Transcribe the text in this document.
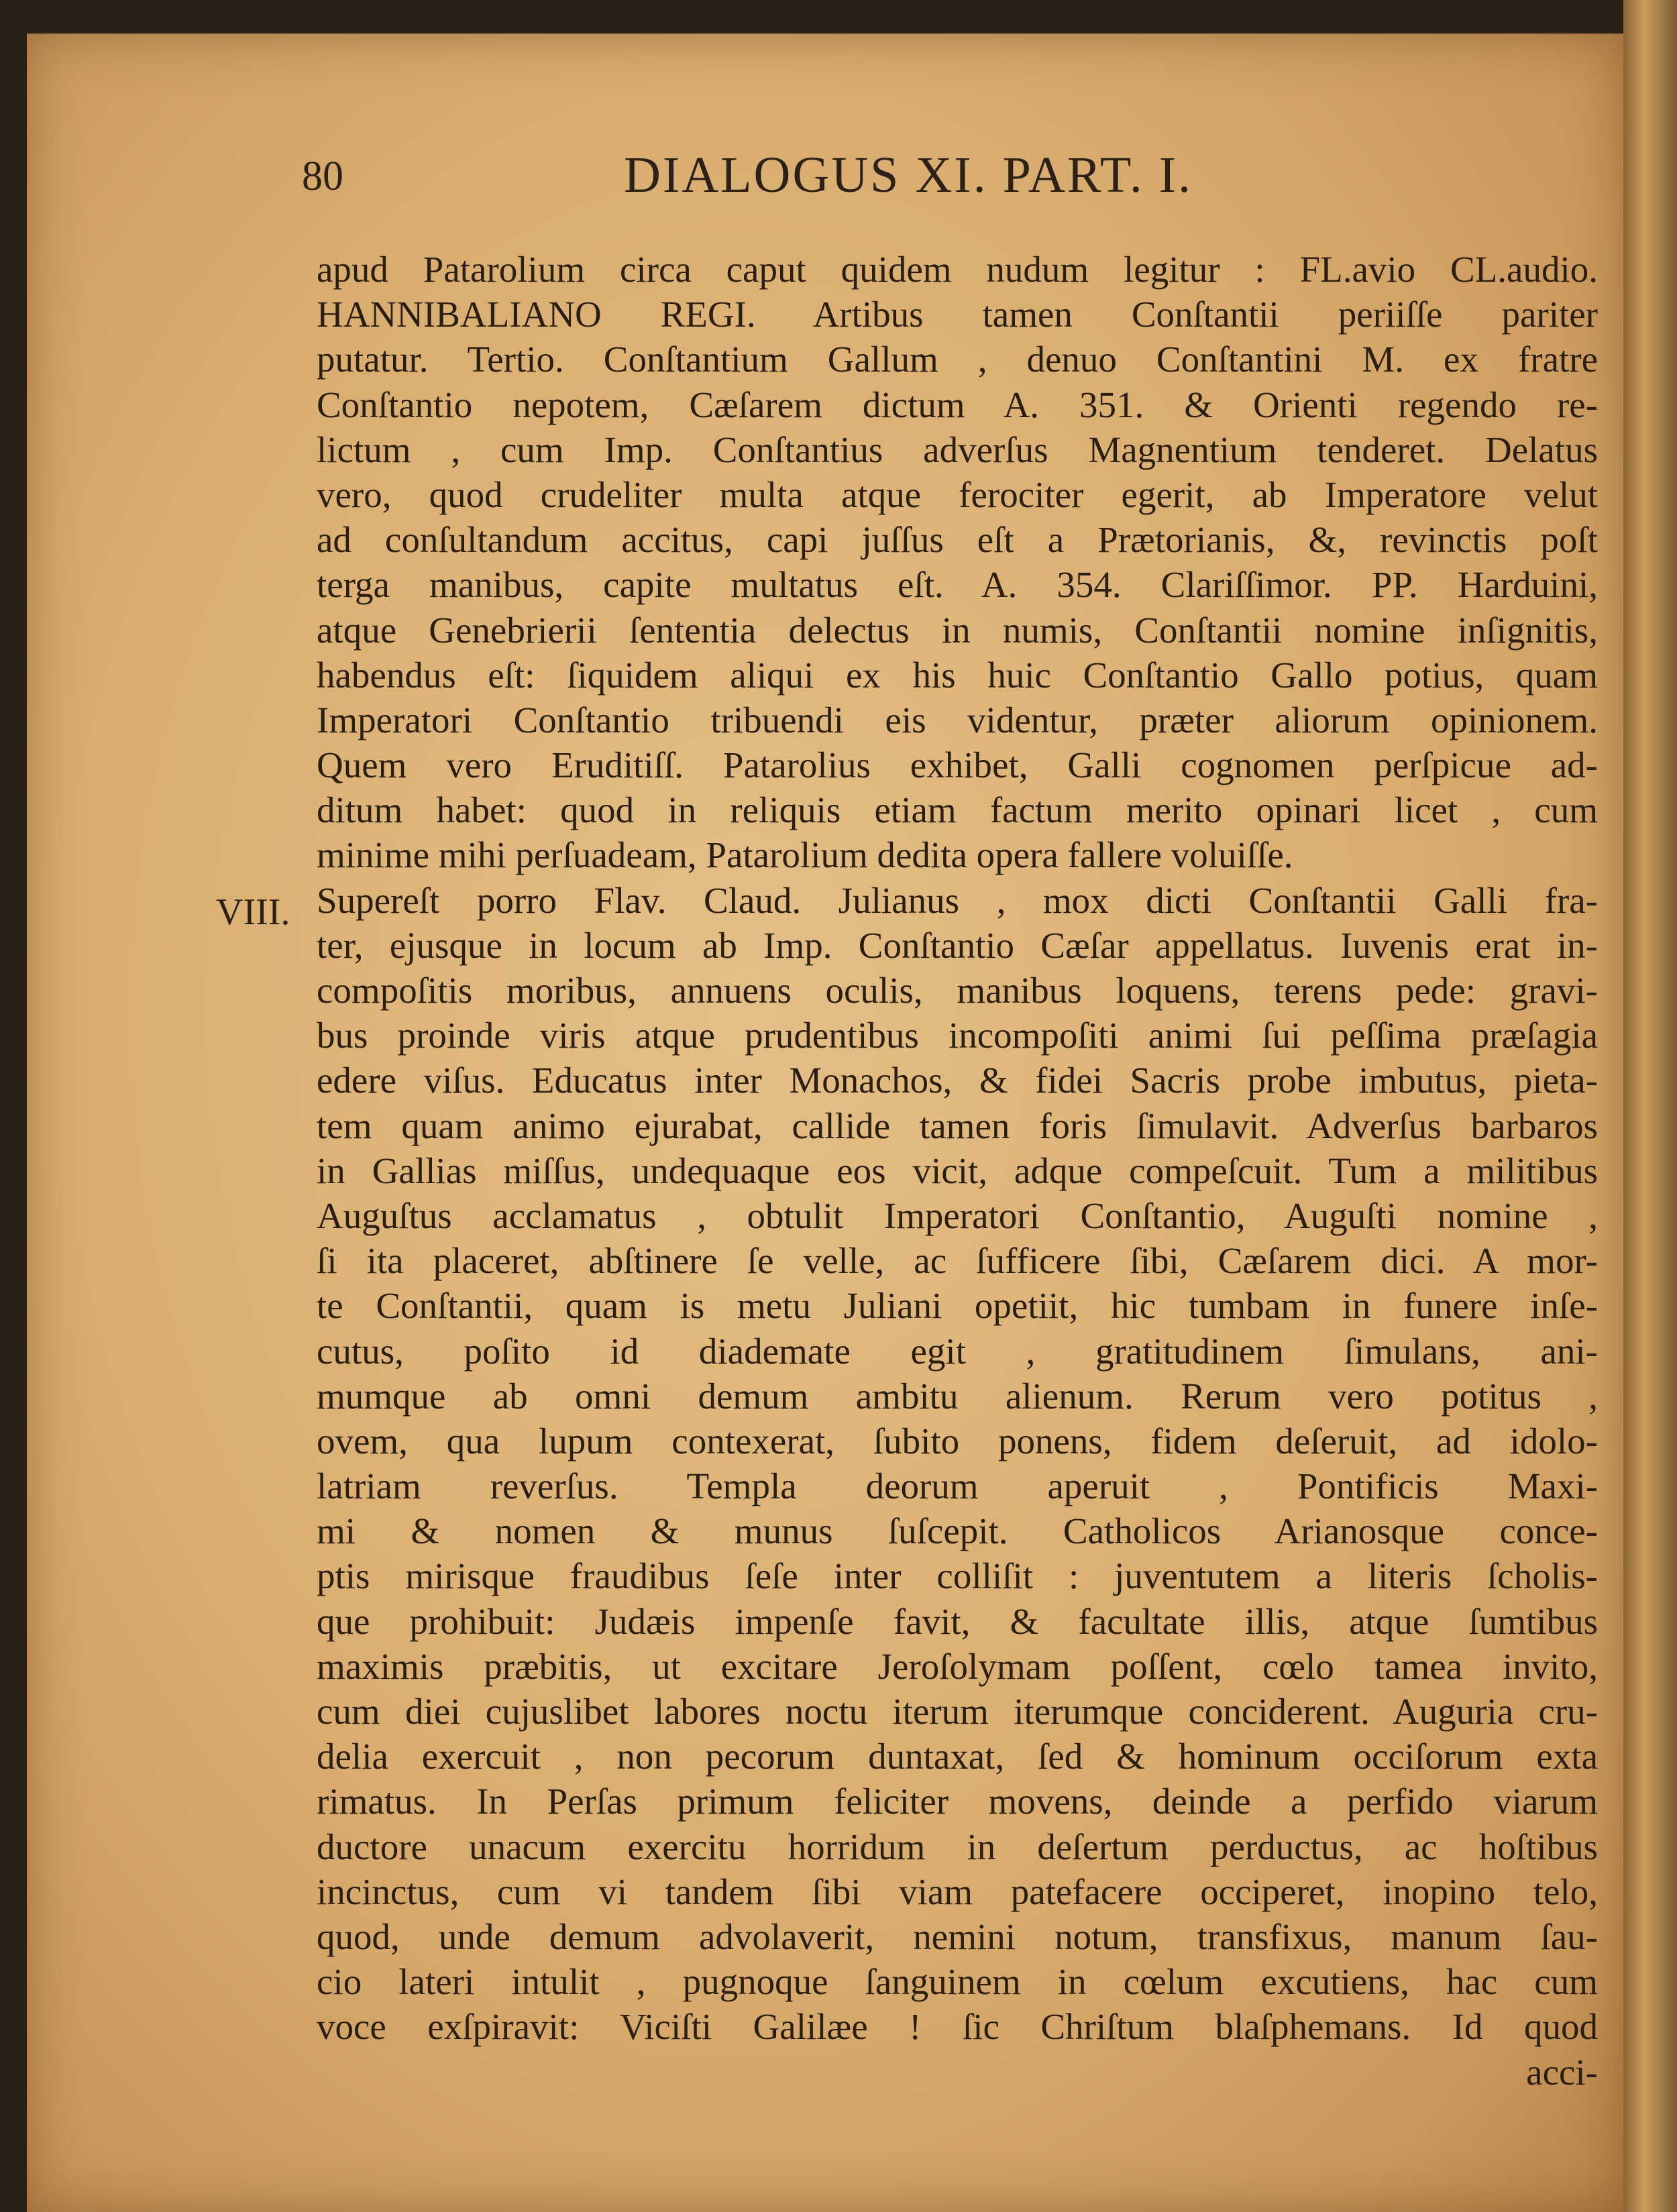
80	DIALOGUS XI. PART. I.
VIII.
apud Patarolium circa caput quidem nudum legitur : FL.avio CL.audio.
HANNIBALIANO REGI. Artibus tamen Conſtantii periiſſe pariter
putatur. Tertio. Conſtantium Gallum , denuo Conſtantini M. ex fratre
Conſtantio nepotem, Cæſarem dictum A. 351. & Orienti regendo re-
lictum , cum Imp. Conſtantius adverſus Magnentium tenderet. Delatus
vero, quod crudeliter multa atque ferociter egerit, ab Imperatore velut
ad conſultandum accitus, capi juſſus eſt a Prætorianis, &, revinctis poſt
terga manibus, capite multatus eſt. A. 354. Clariſſimor. PP. Harduini,
atque Genebrierii ſententia delectus in numis, Conſtantii nomine inſignitis,
habendus eſt: ſiquidem aliqui ex his huic Conſtantio Gallo potius, quam
Imperatori Conſtantio tribuendi eis videntur, præter aliorum opinionem.
Quem vero Eruditiſſ. Patarolius exhibet, Galli cognomen perſpicue ad-
ditum habet: quod in reliquis etiam factum merito opinari licet , cum
minime mihi perſuadeam, Patarolium dedita opera fallere voluiſſe.
Supereſt porro Flav. Claud. Julianus , mox dicti Conſtantii Galli fra-
ter, ejusque in locum ab Imp. Conſtantio Cæſar appellatus. Iuvenis erat in-
compoſitis moribus, annuens oculis, manibus loquens, terens pede: gravi-
bus proinde viris atque prudentibus incompoſiti animi ſui peſſima præſagia
edere viſus. Educatus inter Monachos, & fidei Sacris probe imbutus, pieta-
tem quam animo ejurabat, callide tamen foris ſimulavit. Adverſus barbaros
in Gallias miſſus, undequaque eos vicit, adque compeſcuit. Tum a militibus
Auguſtus acclamatus , obtulit Imperatori Conſtantio, Auguſti nomine ,
ſi ita placeret, abſtinere ſe velle, ac ſufficere ſibi, Cæſarem dici. A mor-
te Conſtantii, quam is metu Juliani opetiit, hic tumbam in funere inſe-
cutus, poſito id diademate egit , gratitudinem ſimulans, ani-
mumque ab omni demum ambitu alienum. Rerum vero potitus ,
ovem, qua lupum contexerat, ſubito ponens, fidem deſeruit, ad idolo-
latriam reverſus. Templa deorum aperuit , Pontificis Maxi-
mi & nomen & munus ſuſcepit. Catholicos Arianosque conce-
ptis mirisque fraudibus ſeſe inter colliſit : juventutem a literis ſcholis-
que prohibuit: Judæis impenſe favit, & facultate illis, atque ſumtibus
maximis præbitis, ut excitare Jeroſolymam poſſent, cœlo tamea invito,
cum diei cujuslibet labores noctu iterum iterumque conciderent. Auguria cru-
delia exercuit , non pecorum duntaxat, ſed & hominum occiſorum exta
rimatus. In Perſas primum feliciter movens, deinde a perfido viarum
ductore unacum exercitu horridum in deſertum perductus, ac hoſtibus
incinctus, cum vi tandem ſibi viam patefacere occiperet, inopino telo,
quod, unde demum advolaverit, nemini notum, transfixus, manum ſau-
cio lateri intulit , pugnoque ſanguinem in cœlum excutiens, hac cum
voce exſpiravit: Viciſti Galilæe ! ſic Chriſtum blaſphemans. Id quod
acci-
